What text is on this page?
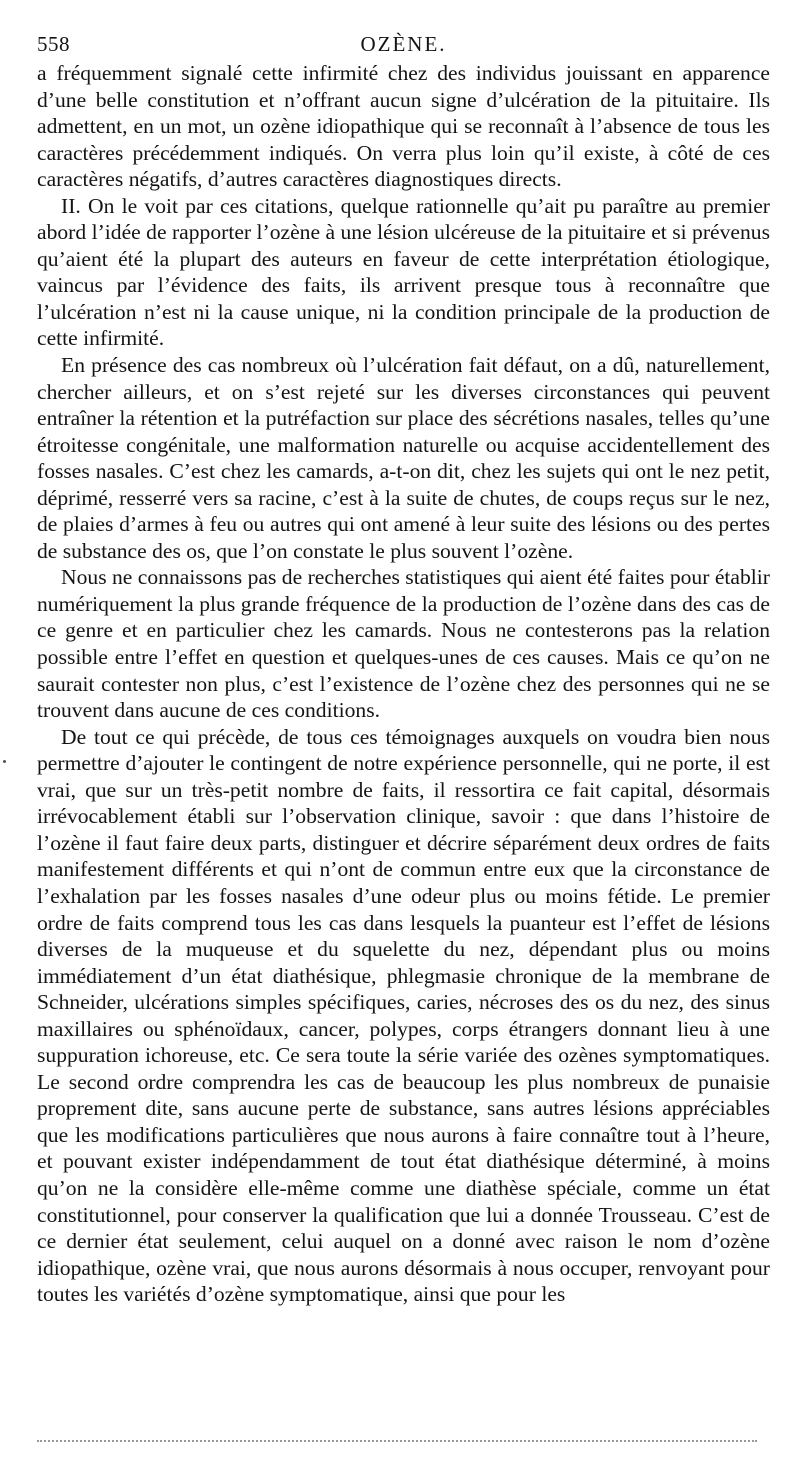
558	OZÈNE.

a fréquemment signalé cette infirmité chez des individus jouissant en apparence d’une belle constitution et n’offrant aucun signe d’ulcération de la pituitaire. Ils admettent, en un mot, un ozène idiopathique qui se reconnaît à l’absence de tous les caractères précédemment indiqués. On verra plus loin qu’il existe, à côté de ces caractères négatifs, d’autres caractères diagnostiques directs.

II. On le voit par ces citations, quelque rationnelle qu’ait pu paraître au premier abord l’idée de rapporter l’ozène à une lésion ulcéreuse de la pituitaire et si prévenus qu’aient été la plupart des auteurs en faveur de cette interprétation étiologique, vaincus par l’évidence des faits, ils arrivent presque tous à reconnaître que l’ulcération n’est ni la cause unique, ni la condition principale de la production de cette infirmité.

En présence des cas nombreux où l’ulcération fait défaut, on a dû, naturellement, chercher ailleurs, et on s’est rejeté sur les diverses circonstances qui peuvent entraîner la rétention et la putréfaction sur place des sécrétions nasales, telles qu’une étroitesse congénitale, une malformation naturelle ou acquise accidentellement des fosses nasales. C’est chez les camards, a-t-on dit, chez les sujets qui ont le nez petit, déprimé, resserré vers sa racine, c’est à la suite de chutes, de coups reçus sur le nez, de plaies d’armes à feu ou autres qui ont amené à leur suite des lésions ou des pertes de substance des os, que l’on constate le plus souvent l’ozène.

Nous ne connaissons pas de recherches statistiques qui aient été faites pour établir numériquement la plus grande fréquence de la production de l’ozène dans des cas de ce genre et en particulier chez les camards. Nous ne contesterons pas la relation possible entre l’effet en question et quelques-unes de ces causes. Mais ce qu’on ne saurait contester non plus, c’est l’existence de l’ozène chez des personnes qui ne se trouvent dans aucune de ces conditions.

De tout ce qui précède, de tous ces témoignages auxquels on voudra bien nous permettre d’ajouter le contingent de notre expérience personnelle, qui ne porte, il est vrai, que sur un très-petit nombre de faits, il ressortira ce fait capital, désormais irrévocablement établi sur l’observation clinique, savoir : que dans l’histoire de l’ozène il faut faire deux parts, distinguer et décrire séparément deux ordres de faits manifestement différents et qui n’ont de commun entre eux que la circonstance de l’exhalation par les fosses nasales d’une odeur plus ou moins fétide. Le premier ordre de faits comprend tous les cas dans lesquels la puanteur est l’effet de lésions diverses de la muqueuse et du squelette du nez, dépendant plus ou moins immédiatement d’un état diathésique, phlegmasie chronique de la membrane de Schneider, ulcérations simples spécifiques, caries, nécroses des os du nez, des sinus maxillaires ou sphénoïdaux, cancer, polypes, corps étrangers donnant lieu à une suppuration ichoreuse, etc. Ce sera toute la série variée des ozènes symptomatiques. Le second ordre comprendra les cas de beaucoup les plus nombreux de punaisie proprement dite, sans aucune perte de substance, sans autres lésions appréciables que les modifications particulières que nous aurons à faire connaître tout à l’heure, et pouvant exister indépendamment de tout état diathésique déterminé, à moins qu’on ne la considère elle-même comme une diathèse spéciale, comme un état constitutionnel, pour conserver la qualification que lui a donnée Trousseau. C’est de ce dernier état seulement, celui auquel on a donné avec raison le nom d’ozène idiopathique, ozène vrai, que nous aurons désormais à nous occuper, renvoyant pour toutes les variétés d’ozène symptomatique, ainsi que pour les
